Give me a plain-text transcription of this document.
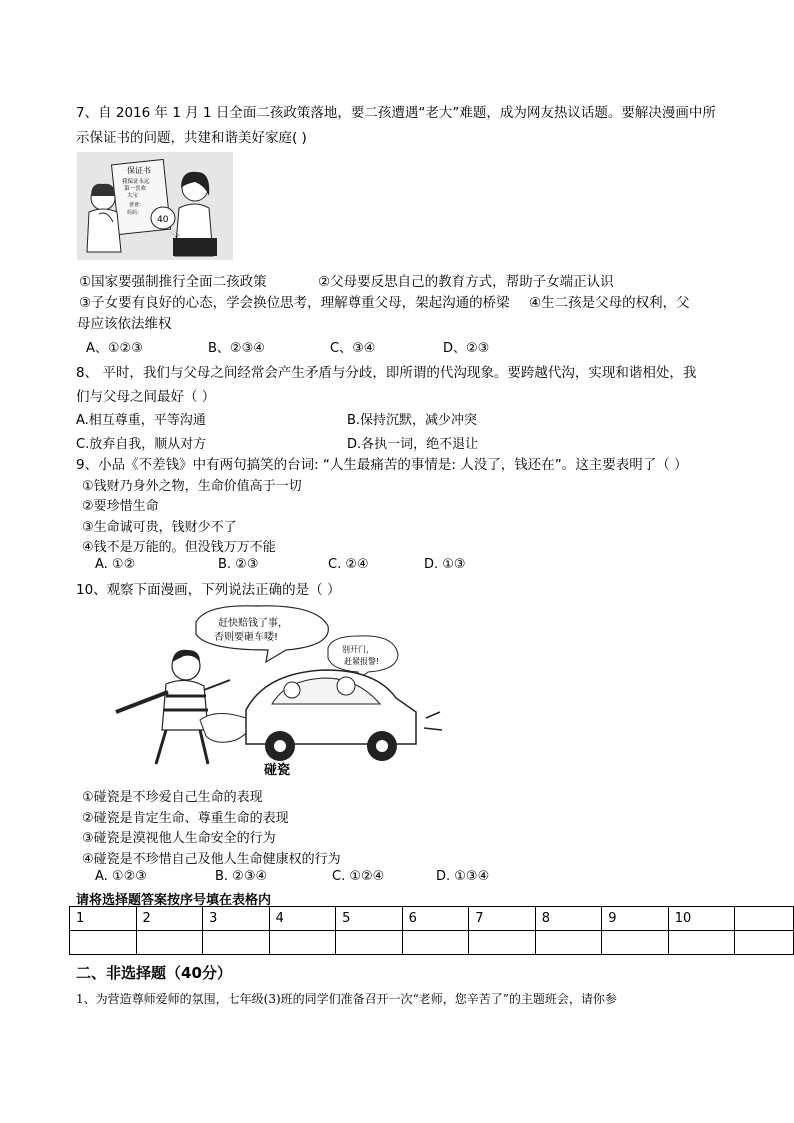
7、自 2016 年 1 月 1 日全面二孩政策落地，要二孩遭遇“老大”难题，成为网友热议话题。要解决漫画中所
示保证书的问题，共建和谐美好家庭( )
保证书
我保证永远
第一喜欢
大宝
爸爸：
妈妈：
40
二宝
①国家要强制推行全面二孩政策	②父母要反思自己的教育方式，帮助子女端正认识
③子女要有良好的心态，学会换位思考，理解尊重父母，架起沟通的桥梁 ④生二孩是父母的权利，父
母应该依法维权
A、①②③	B、②③④	C、③④	D、②③
8、 平时，我们与父母之间经常会产生矛盾与分歧，即所谓的代沟现象。要跨越代沟，实现和谐相处，我
们与父母之间最好（ ）
A.相互尊重，平等沟通	B.保持沉默，减少冲突
C.放弃自我，顺从对方	D.各执一词，绝不退让
9、小品《不差钱》中有两句搞笑的台词: “人生最痛苦的事情是: 人没了，钱还在”。这主要表明了（ ）
①钱财乃身外之物，生命价值高于一切
②要珍惜生命
③生命诚可贵，钱财少不了
④钱不是万能的。但没钱万万不能
A. ①②	B. ②③	C. ②④	D. ①③
10、观察下面漫画，下列说法正确的是（ ）
赶快赔钱了事，
否则要砸车喽!
别开门，
赶紧报警!
碰瓷
①碰瓷是不珍爱自己生命的表现
②碰瓷是肯定生命、尊重生命的表现
③碰瓷是漠视他人生命安全的行为
④碰瓷是不珍惜自己及他人生命健康权的行为
A. ①②③	B. ②③④	C. ①②④	D. ①③④
请将选择题答案按序号填在表格内
1	2	3	4	5	6	7	8	9	10	

二、非选择题（40分）
1、为营造尊师爱师的氛围，七年级(3)班的同学们准备召开一次“老师，您辛苦了”的主题班会，请你参
